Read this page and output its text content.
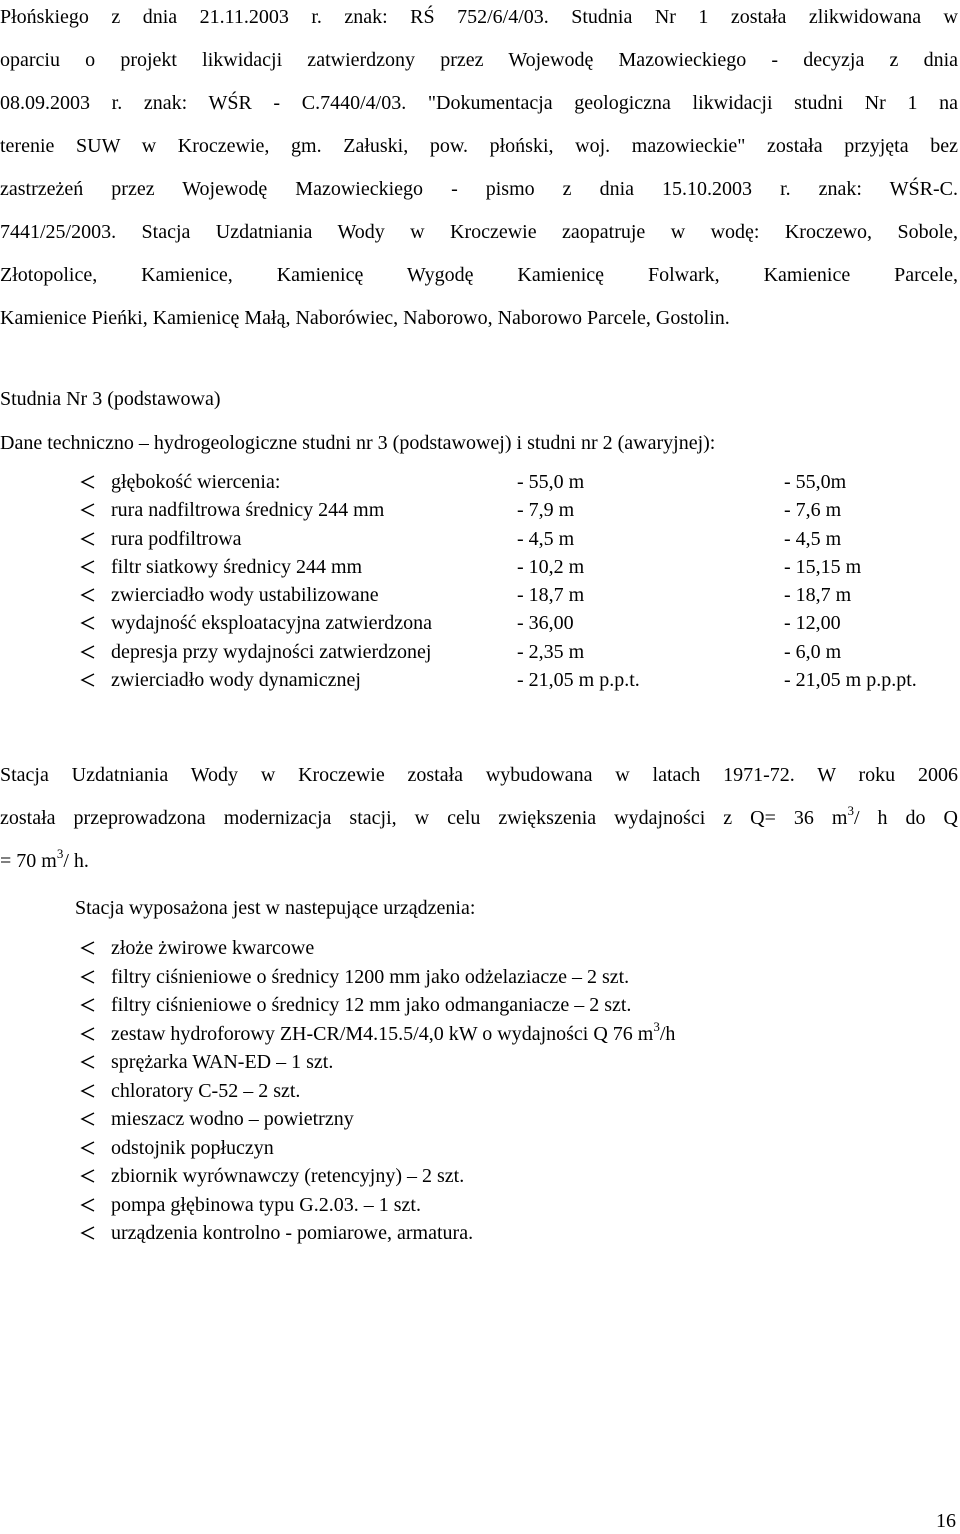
Płońskiego z dnia 21.11.2003 r. znak: RŚ 752/6/4/03. Studnia Nr 1 została zlikwidowana w
oparciu o projekt likwidacji zatwierdzony przez Wojewodę Mazowieckiego - decyzja z dnia
08.09.2003 r. znak: WŚR - C.7440/4/03. "Dokumentacja geologiczna likwidacji studni Nr 1 na
terenie SUW w Kroczewie, gm. Załuski, pow. płoński, woj. mazowieckie" została przyjęta bez
zastrzeżeń przez Wojewodę Mazowieckiego - pismo z dnia 15.10.2003 r. znak: WŚR-C.
7441/25/2003. Stacja Uzdatniania Wody w Kroczewie zaopatruje w wodę: Kroczewo, Sobole,
Złotopolice, Kamienice, Kamienicę Wygodę Kamienicę Folwark, Kamienice Parcele,
Kamienice Pieńki, Kamienicę Małą, Naborówiec, Naborowo, Naborowo Parcele, Gostolin.
Studnia Nr 3 (podstawowa)
Dane techniczno – hydrogeologiczne studni nr 3 (podstawowej) i studni nr 2 (awaryjnej):
głębokość wiercenia:	- 55,0 m	- 55,0m
rura nadfiltrowa średnicy 244 mm	- 7,9 m	- 7,6 m
rura podfiltrowa	- 4,5 m	- 4,5 m
filtr siatkowy średnicy 244 mm	- 10,2 m	- 15,15 m
zwierciadło wody ustabilizowane	- 18,7 m	- 18,7 m
wydajność eksploatacyjna zatwierdzona	- 36,00	- 12,00
depresja przy wydajności zatwierdzonej	- 2,35 m	- 6,0 m
zwierciadło wody dynamicznej	- 21,05 m p.p.t.	- 21,05 m p.p.pt.
Stacja Uzdatniania Wody w Kroczewie została wybudowana w latach 1971-72. W roku 2006
została przeprowadzona modernizacja stacji, w celu zwiększenia wydajności z Q= 36 $m^3/$ h do Q
= 70 $m^3/$ h.
Stacja wyposażona jest w nastepujące urządzenia:
złoże żwirowe kwarcowe
filtry ciśnieniowe o średnicy 1200 mm jako odżelaziacze – 2 szt.
filtry ciśnieniowe o średnicy 12 mm jako odmanganiacze – 2 szt.
zestaw hydroforowy ZH-CR/M4.15.5/4,0 kW o wydajności Q 76 $m^3/h$
sprężarka WAN-ED – 1 szt.
chloratory C-52 – 2 szt.
mieszacz wodno – powietrzny
odstojnik popłuczyn
zbiornik wyrównawczy (retencyjny) – 2 szt.
pompa głębinowa typu G.2.03. – 1 szt.
urządzenia kontrolno - pomiarowe, armatura.
16
